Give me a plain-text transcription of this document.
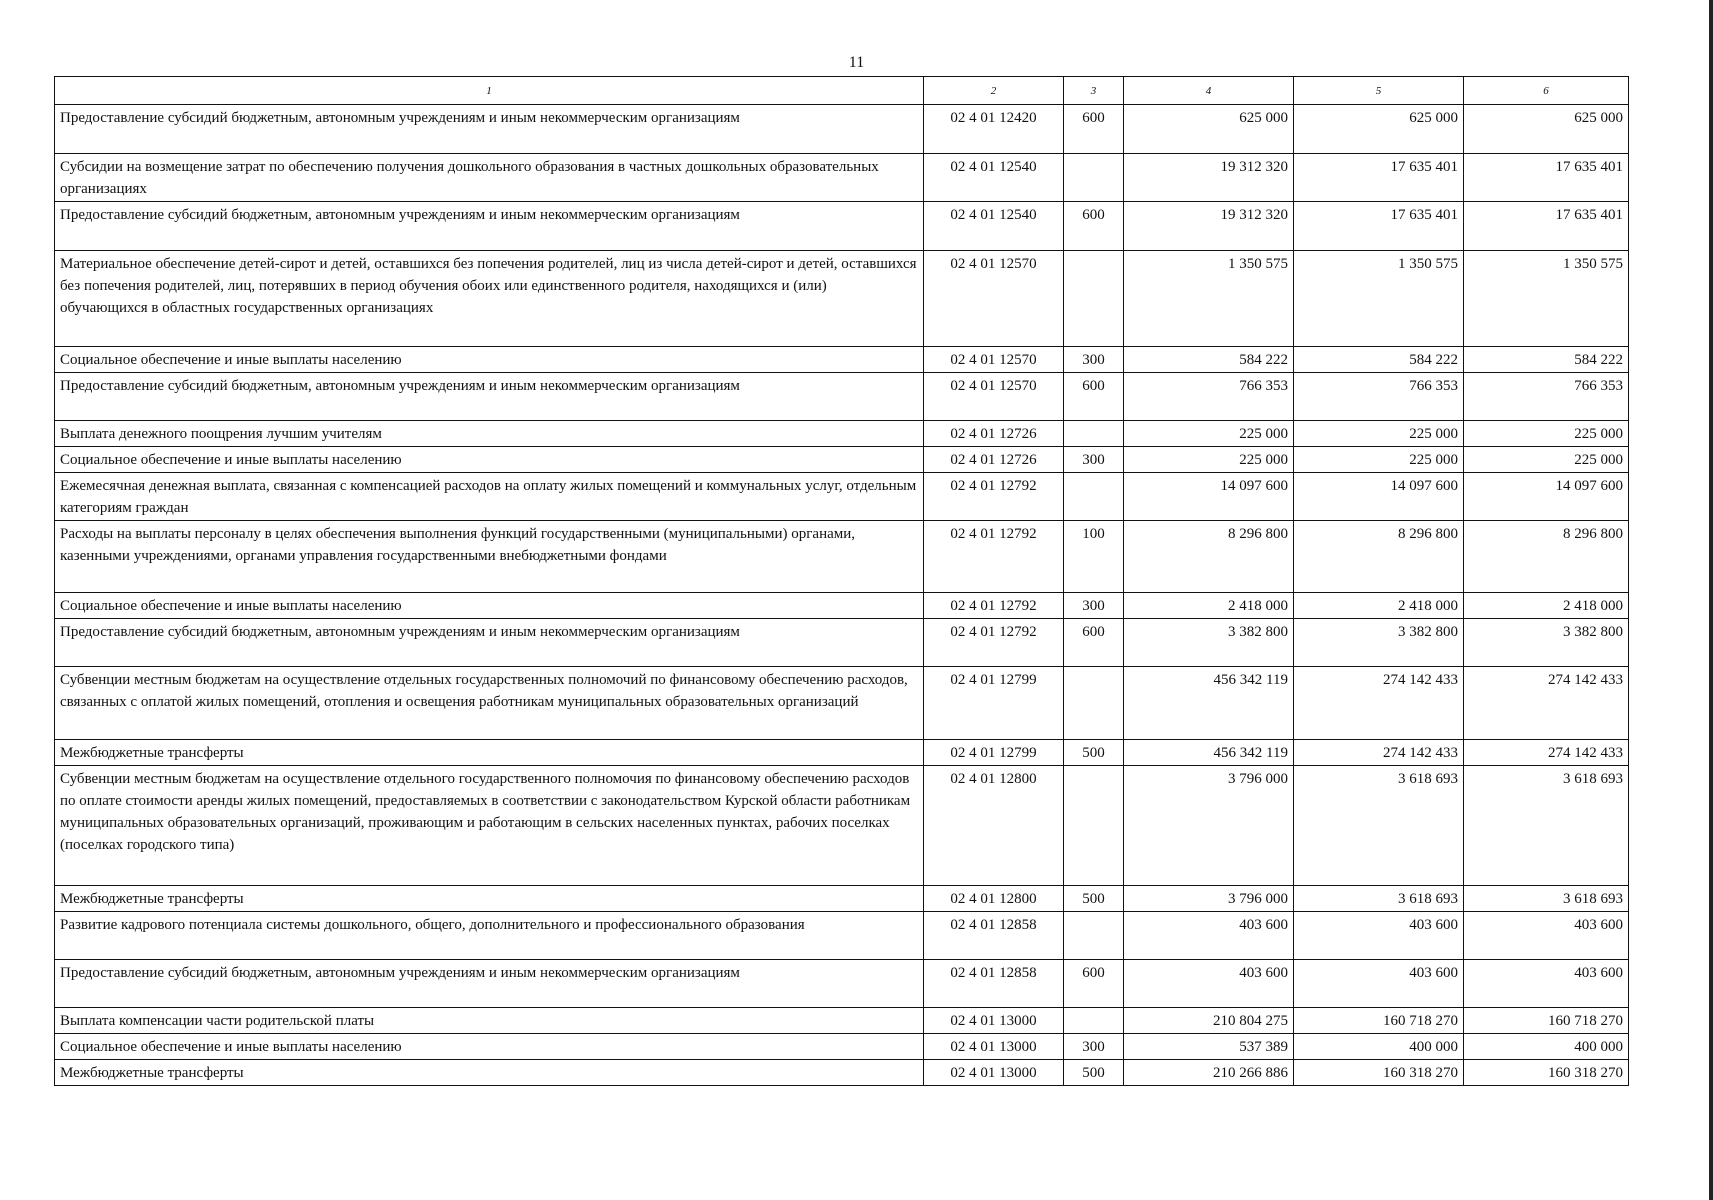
11
1	2	3	4	5	6
Предоставление субсидий бюджетным, автономным учреждениям и иным некоммерческим организациям	02 4 01 12420	600	625 000	625 000	625 000
Субсидии на возмещение затрат по обеспечению получения дошкольного образования в частных дошкольных образовательных организациях	02 4 01 12540		19 312 320	17 635 401	17 635 401
Предоставление субсидий бюджетным, автономным учреждениям и иным некоммерческим организациям	02 4 01 12540	600	19 312 320	17 635 401	17 635 401
Материальное обеспечение детей-сирот и детей, оставшихся без попечения родителей, лиц из числа детей-сирот и детей, оставшихся без попечения родителей, лиц, потерявших в период обучения обоих или единственного родителя, находящихся и (или) обучающихся в областных государственных организациях	02 4 01 12570		1 350 575	1 350 575	1 350 575
Социальное обеспечение и иные выплаты населению	02 4 01 12570	300	584 222	584 222	584 222
Предоставление субсидий бюджетным, автономным учреждениям и иным некоммерческим организациям	02 4 01 12570	600	766 353	766 353	766 353
Выплата денежного поощрения лучшим учителям	02 4 01 12726		225 000	225 000	225 000
Социальное обеспечение и иные выплаты населению	02 4 01 12726	300	225 000	225 000	225 000
Ежемесячная денежная выплата, связанная с компенсацией расходов на оплату жилых помещений и коммунальных услуг, отдельным категориям граждан	02 4 01 12792		14 097 600	14 097 600	14 097 600
Расходы на выплаты персоналу в целях обеспечения выполнения функций государственными (муниципальными) органами, казенными учреждениями, органами управления государственными внебюджетными фондами	02 4 01 12792	100	8 296 800	8 296 800	8 296 800
Социальное обеспечение и иные выплаты населению	02 4 01 12792	300	2 418 000	2 418 000	2 418 000
Предоставление субсидий бюджетным, автономным учреждениям и иным некоммерческим организациям	02 4 01 12792	600	3 382 800	3 382 800	3 382 800
Субвенции местным бюджетам на осуществление отдельных государственных полномочий по финансовому обеспечению расходов, связанных с оплатой жилых помещений, отопления и освещения работникам муниципальных образовательных организаций	02 4 01 12799		456 342 119	274 142 433	274 142 433
Межбюджетные трансферты	02 4 01 12799	500	456 342 119	274 142 433	274 142 433
Субвенции местным бюджетам на осуществление отдельного государственного полномочия по финансовому обеспечению расходов по оплате стоимости аренды жилых помещений, предоставляемых в соответствии с законодательством Курской области работникам муниципальных образовательных организаций, проживающим и работающим в сельских населенных пунктах, рабочих поселках (поселках городского типа)	02 4 01 12800		3 796 000	3 618 693	3 618 693
Межбюджетные трансферты	02 4 01 12800	500	3 796 000	3 618 693	3 618 693
Развитие кадрового потенциала системы дошкольного, общего, дополнительного и профессионального образования	02 4 01 12858		403 600	403 600	403 600
Предоставление субсидий бюджетным, автономным учреждениям и иным некоммерческим организациям	02 4 01 12858	600	403 600	403 600	403 600
Выплата компенсации части родительской платы	02 4 01 13000		210 804 275	160 718 270	160 718 270
Социальное обеспечение и иные выплаты населению	02 4 01 13000	300	537 389	400 000	400 000
Межбюджетные трансферты	02 4 01 13000	500	210 266 886	160 318 270	160 318 270
